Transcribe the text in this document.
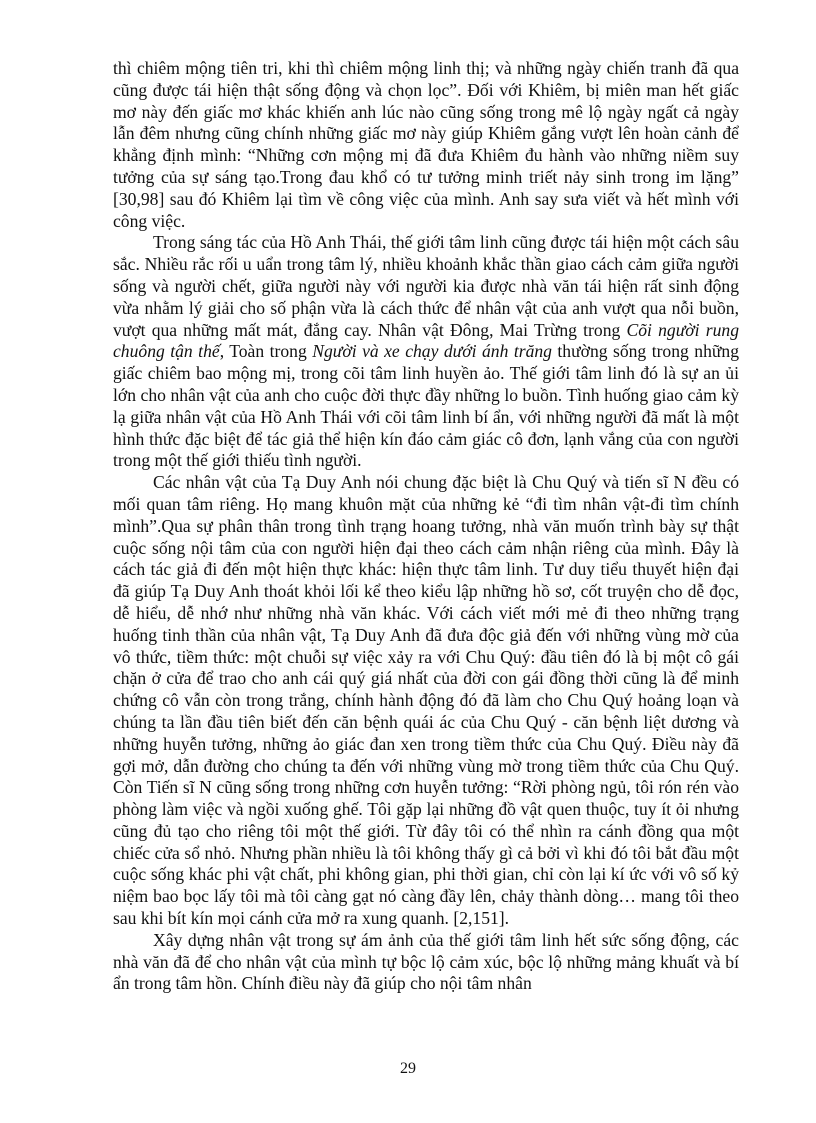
thì chiêm mộng tiên tri, khi thì chiêm mộng linh thị; và những ngày chiến tranh đã qua cũng được tái hiện thật sống động và chọn lọc”. Đối với Khiêm, bị miên man hết giấc mơ này đến giấc mơ khác khiến anh lúc nào cũng sống trong mê lộ ngày ngất cả ngày lẫn đêm nhưng cũng chính những giấc mơ này giúp Khiêm gắng vượt lên hoàn cảnh để khẳng định mình: “Những cơn mộng mị đã đưa Khiêm đu hành vào những niềm suy tưởng của sự sáng tạo.Trong đau khổ có tư tưởng minh triết nảy sinh trong im lặng” [30,98] sau đó Khiêm lại tìm về công việc của mình. Anh say sưa viết và hết mình với công việc.

Trong sáng tác của Hồ Anh Thái, thế giới tâm linh cũng được tái hiện một cách sâu sắc. Nhiều rắc rối u uẩn trong tâm lý, nhiều khoảnh khắc thần giao cách cảm giữa người sống và người chết, giữa người này với người kia được nhà văn tái hiện rất sinh động vừa nhằm lý giải cho số phận vừa là cách thức để nhân vật của anh vượt qua nỗi buồn, vượt qua những mất mát, đắng cay. Nhân vật Đông, Mai Trừng trong Cõi người rung chuông tận thế, Toàn trong Người và xe chạy dưới ánh trăng thường sống trong những giấc chiêm bao mộng mị, trong cõi tâm linh huyền ảo. Thế giới tâm linh đó là sự an ủi lớn cho nhân vật của anh cho cuộc đời thực đầy những lo buồn. Tình huống giao cảm kỳ lạ giữa nhân vật của Hồ Anh Thái với cõi tâm linh bí ẩn, với những người đã mất là một hình thức đặc biệt để tác giả thể hiện kín đáo cảm giác cô đơn, lạnh vắng của con người trong một thế giới thiếu tình người.

Các nhân vật của Tạ Duy Anh nói chung đặc biệt là Chu Quý và tiến sĩ N đều có mối quan tâm riêng. Họ mang khuôn mặt của những kẻ “đi tìm nhân vật-đi tìm chính mình”.Qua sự phân thân trong tình trạng hoang tưởng, nhà văn muốn trình bày sự thật cuộc sống nội tâm của con người hiện đại theo cách cảm nhận riêng của mình. Đây là cách tác giả đi đến một hiện thực khác: hiện thực tâm linh. Tư duy tiểu thuyết hiện đại đã giúp Tạ Duy Anh thoát khỏi lối kể theo kiểu lập những hồ sơ, cốt truyện cho dễ đọc, dễ hiểu, dễ nhớ như những nhà văn khác. Với cách viết mới mẻ đi theo những trạng huống tinh thần của nhân vật, Tạ Duy Anh đã đưa độc giả đến với những vùng mờ của vô thức, tiềm thức: một chuỗi sự việc xảy ra với Chu Quý: đầu tiên đó là bị một cô gái chặn ở cửa để trao cho anh cái quý giá nhất của đời con gái đồng thời cũng là để minh chứng cô vẫn còn trong trắng, chính hành động đó đã làm cho Chu Quý hoảng loạn và chúng ta lần đầu tiên biết đến căn bệnh quái ác của Chu Quý - căn bệnh liệt dương và những huyễn tưởng, những ảo giác đan xen trong tiềm thức của Chu Quý. Điều này đã gợi mở, dẫn đường cho chúng ta đến với những vùng mờ trong tiềm thức của Chu Quý. Còn Tiến sĩ N cũng sống trong những cơn huyễn tưởng: “Rời phòng ngủ, tôi rón rén vào phòng làm việc và ngồi xuống ghế. Tôi gặp lại những đồ vật quen thuộc, tuy ít ỏi nhưng cũng đủ tạo cho riêng tôi một thế giới. Từ đây tôi có thể nhìn ra cánh đồng qua một chiếc cửa sổ nhỏ. Nhưng phần nhiều là tôi không thấy gì cả bởi vì khi đó tôi bắt đầu một cuộc sống khác phi vật chất, phi không gian, phi thời gian, chỉ còn lại kí ức với vô số kỷ niệm bao bọc lấy tôi mà tôi càng gạt nó càng đầy lên, chảy thành dòng… mang tôi theo sau khi bít kín mọi cánh cửa mở ra xung quanh. [2,151].

Xây dựng nhân vật trong sự ám ảnh của thế giới tâm linh hết sức sống động, các nhà văn đã để cho nhân vật của mình tự bộc lộ cảm xúc, bộc lộ những mảng khuất và bí ẩn trong tâm hồn. Chính điều này đã giúp cho nội tâm nhân

29
